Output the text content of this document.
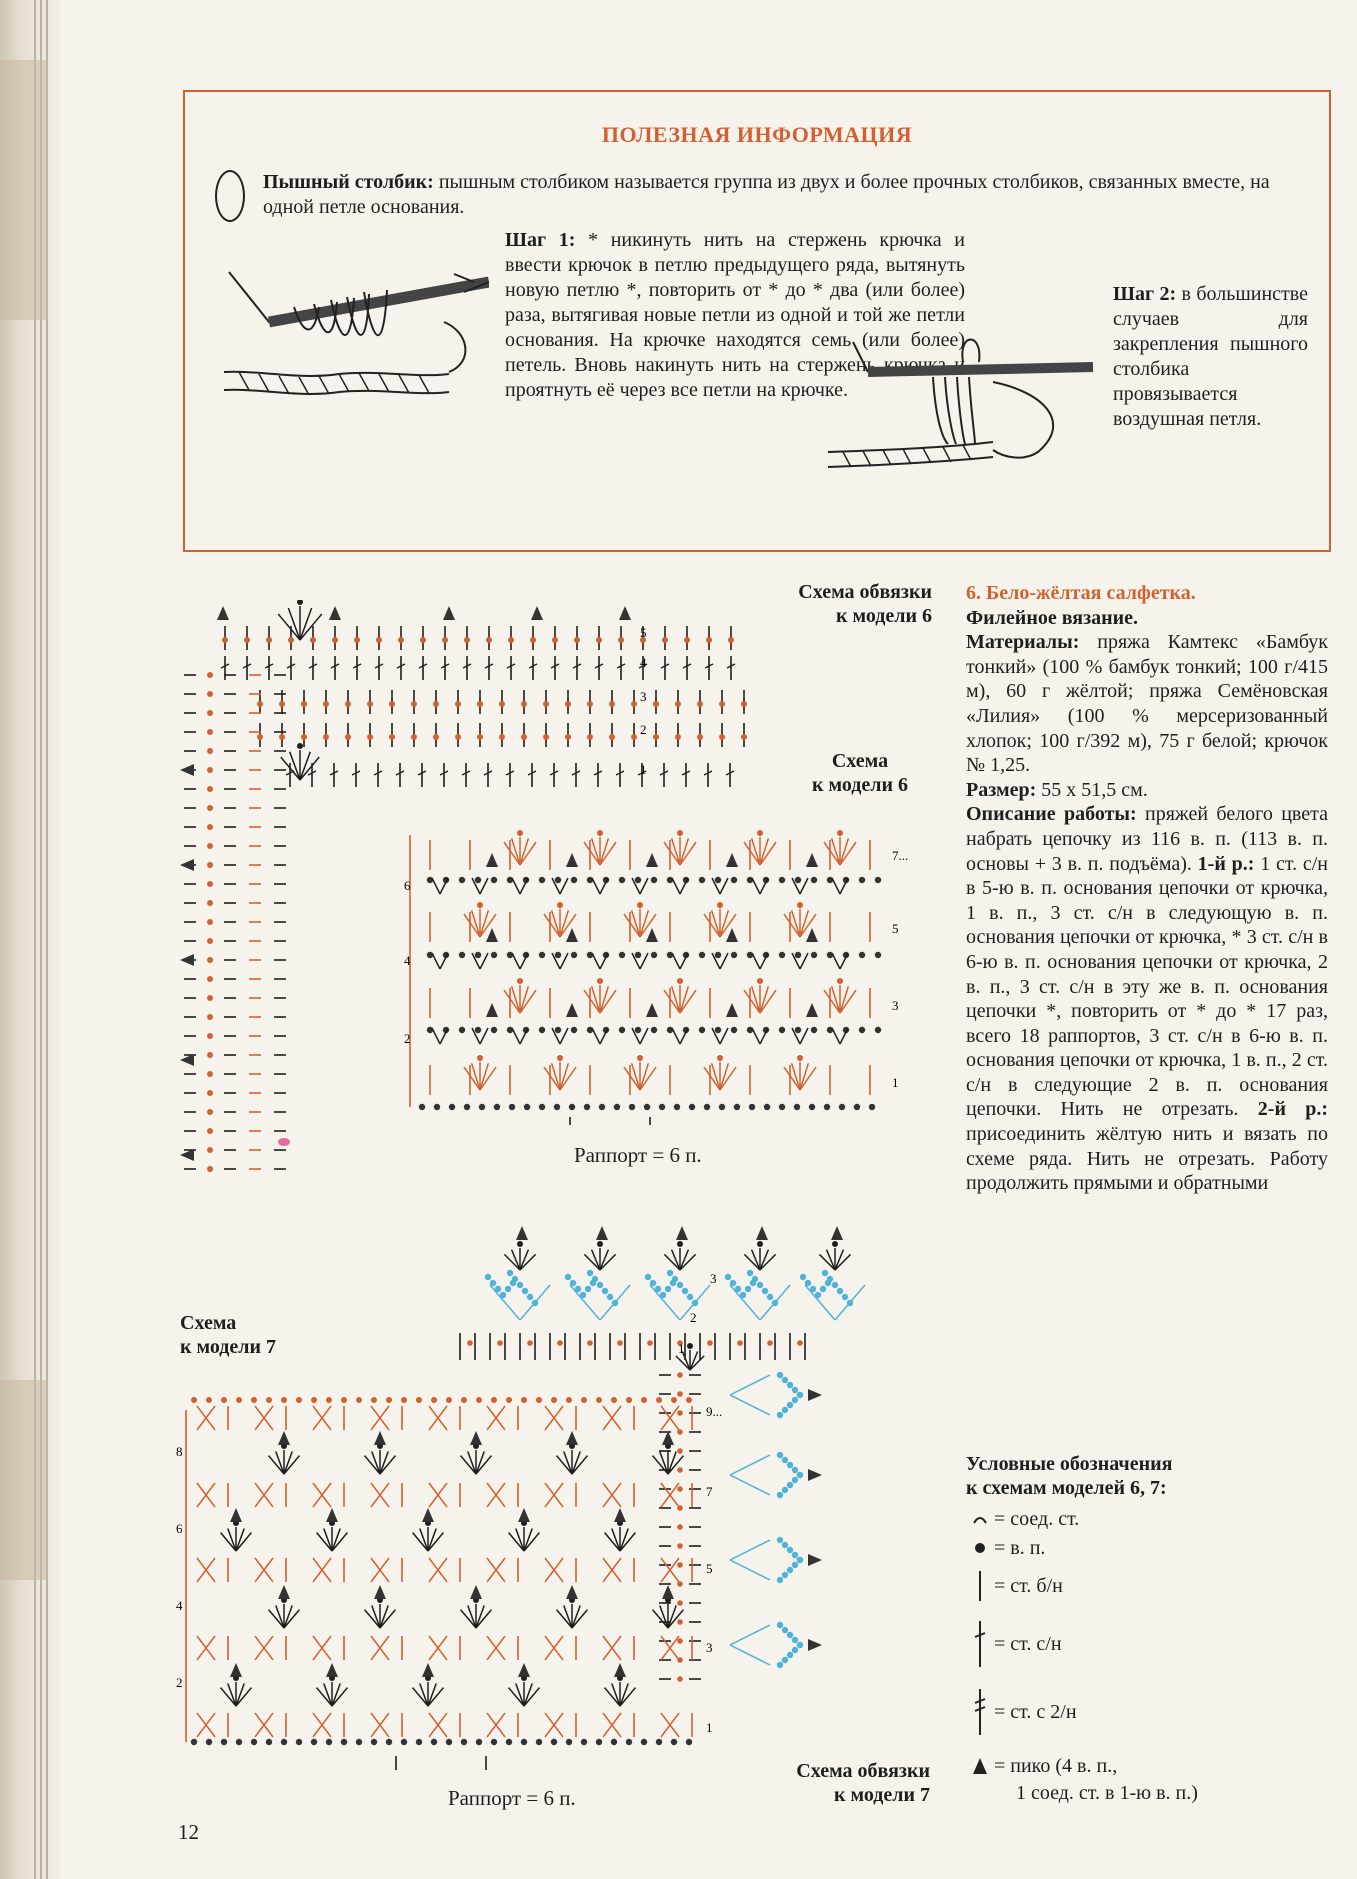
ПОЛЕЗНАЯ ИНФОРМАЦИЯ
Пышный столбик: пышным столбиком называется группа из двух и более прочных столбиков, связанных вместе, на одной петле основания.
Шаг 1: * никинуть нить на стержень крючка и ввести крючок в петлю предыдущего ряда, вытянуть новую петлю *, повторить от * до * два (или более) раза, вытягивая новые петли из одной и той же петли основания. На крючке находятся семь (или более) петель. Вновь накинуть нить на стержень крючка и проятнуть её через все петли на крючке.
Шаг 2: в большинстве случаев для закрепления пышного столбика провязывается воздушная петля.
Схема обвязки
к модели 6
Схема
к модели 6
Схема
к модели 7
Схема обвязки
к модели 7
5
4
3
2
1
6
4
2
7...
5
3
1
Раппорт = 6 п.
3
2
1
8
6
4
2
9...
7
5
3
1
Раппорт = 6 п.
6. Бело-жёлтая салфетка.
Филейное вязание.
Материалы: пряжа Камтекс «Бамбук тонкий» (100 % бамбук тонкий; 100 г/415 м), 60 г жёлтой; пряжа Семёновская «Лилия» (100 % мерсеризованный хлопок; 100 г/392 м), 75 г белой; крючок № 1,25.
Размер: 55 х 51,5 см.
Описание работы: пряжей белого цвета набрать цепочку из 116 в. п. (113 в. п. основы + 3 в. п. подъёма). 1-й р.: 1 ст. с/н в 5-ю в. п. основания цепочки от крючка, 1 в. п., 3 ст. с/н в следующую в. п. основания цепочки от крючка, * 3 ст. с/н в 6-ю в. п. основания цепочки от крючка, 2 в. п., 3 ст. с/н в эту же в. п. основания цепочки *, повторить от * до * 17 раз, всего 18 раппортов, 3 ст. с/н в 6-ю в. п. основания цепочки от крючка, 1 в. п., 2 ст. с/н в следующие 2 в. п. основания цепочки. Нить не отрезать. 2-й р.: присоединить жёлтую нить и вязать по схеме ряда. Нить не отрезать. Работу продолжить прямыми и обратными
Условные обозначения
к схемам моделей 6, 7:
= соед. ст.
= в. п.
= ст. б/н
= ст. с/н
= ст. с 2/н
= пико (4 в. п.,
1 соед. ст. в 1-ю в. п.)
12
